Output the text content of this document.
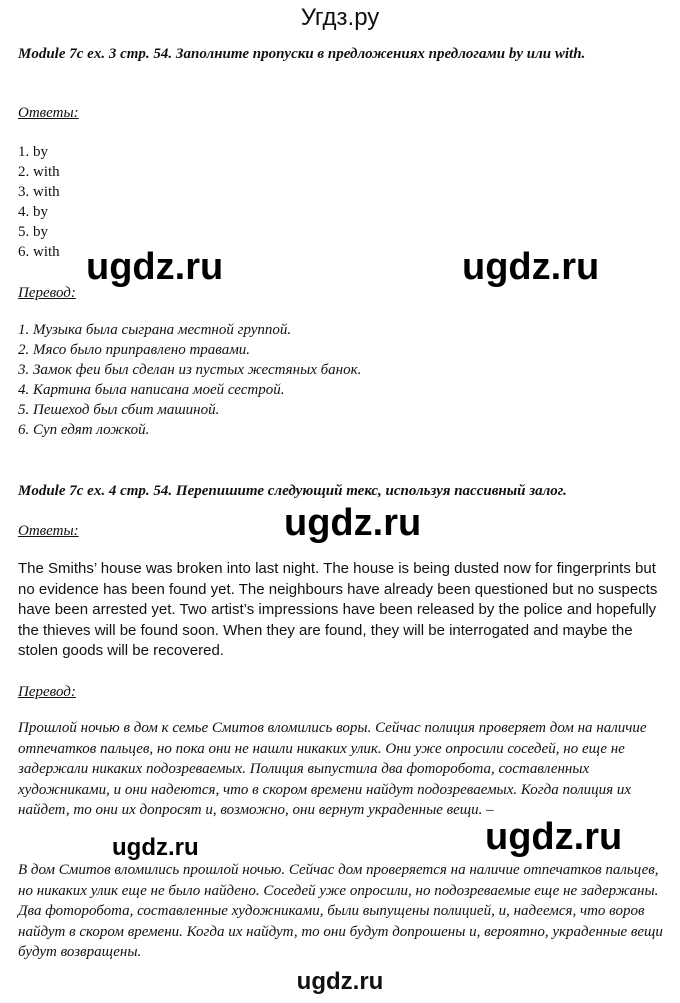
Угдз.ру
Module 7c ex. 3 стр. 54. Заполните пропуски в предложениях предлогами by или with.
Ответы:
1. by
2. with
3. with
4. by
5. by
6. with
Перевод:
1. Музыка была сыграна местной группой.
2. Мясо было приправлено травами.
3. Замок феи был сделан из пустых жестяных банок.
4. Картина была написана моей сестрой.
5. Пешеход был сбит машиной.
6. Суп едят ложкой.
Module 7c ex. 4 стр. 54. Перепишите следующий текс, используя пассивный залог.
Ответы:

The Smiths’ house was broken into last night. The house is being dusted now for fingerprints but no evidence has been found yet. The neighbours have already been questioned but no suspects have been arrested yet. Two artist’s impressions have been released by the police and hopefully the thieves will be found soon. When they are found, they will be interrogated and maybe the stolen goods will be recovered.

Перевод:

Прошлой ночью в дом к семье Смитов вломились воры. Сейчас полиция проверяет дом на наличие отпечатков пальцев, но пока они не нашли никаких улик. Они уже опросили соседей, но еще не задержали никаких подозреваемых. Полиция выпустила два фоторобота, составленных художниками, и они надеются, что в скором времени найдут подозреваемых. Когда полиция их найдет, то они их допросят и, возможно, они вернут украденные вещи. –

В дом Смитов вломились прошлой ночью. Сейчас дом проверяется на наличие отпечатков пальцев, но никаких улик еще не было найдено. Соседей уже опросили, но подозреваемые еще не задержаны. Два фоторобота, составленные художниками, были выпущены полицией, и, надеемся, что воров найдут в скором времени. Когда их найдут, то они будут допрошены и, вероятно, украденные вещи будут возвращены.

ugdz.ru	ugdz.ru
ugdz.ru
ugdz.ru
ugdz.ru
ugdz.ru
